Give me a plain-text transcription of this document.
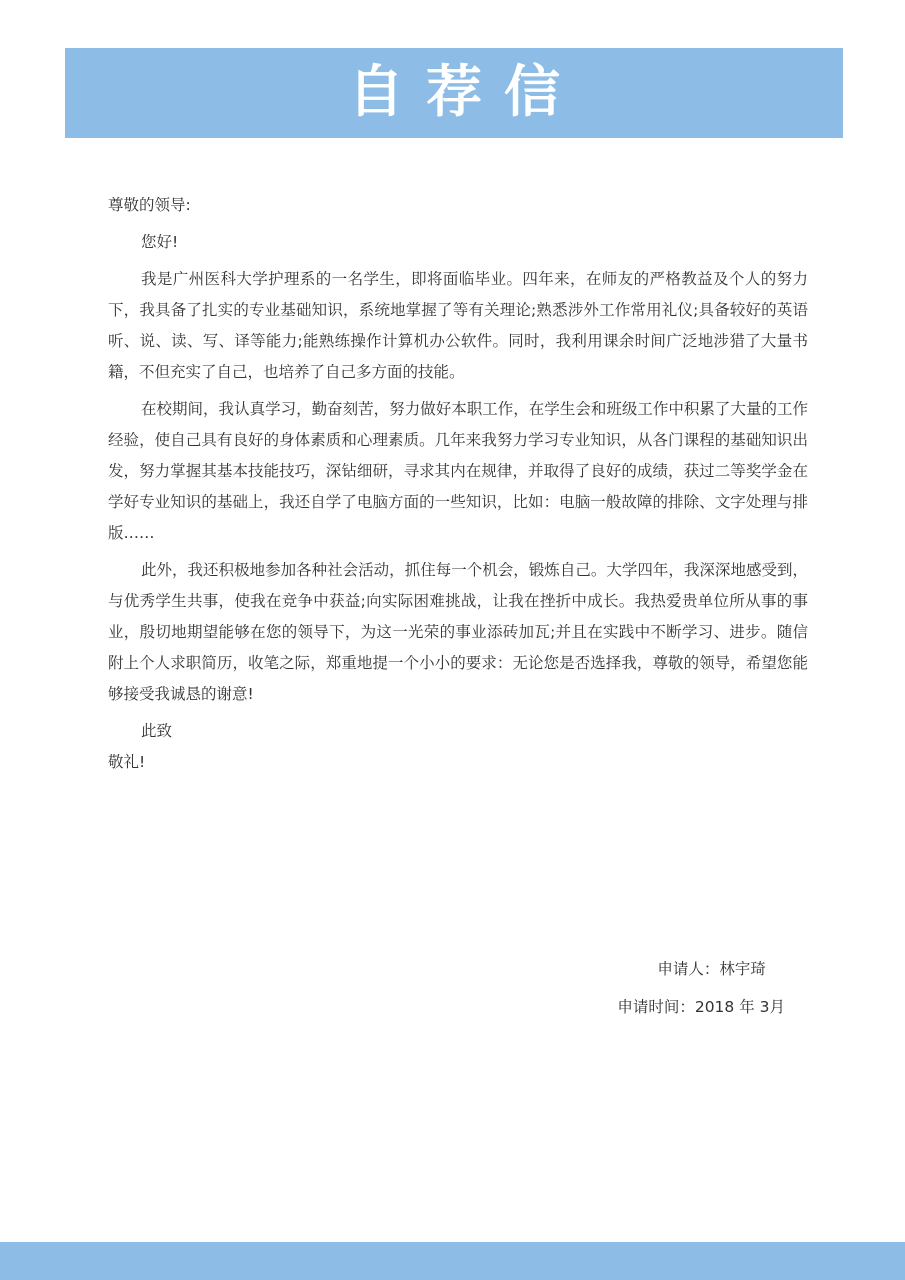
自荐信

尊敬的领导:

您好!

我是广州医科大学护理系的一名学生，即将面临毕业。四年来，在师友的严格教益及个人的努力下，我具备了扎实的专业基础知识，系统地掌握了等有关理论;熟悉涉外工作常用礼仪;具备较好的英语听、说、读、写、译等能力;能熟练操作计算机办公软件。同时，我利用课余时间广泛地涉猎了大量书籍，不但充实了自己，也培养了自己多方面的技能。

在校期间，我认真学习，勤奋刻苦，努力做好本职工作，在学生会和班级工作中积累了大量的工作经验，使自己具有良好的身体素质和心理素质。几年来我努力学习专业知识，从各门课程的基础知识出发，努力掌握其基本技能技巧，深钻细研，寻求其内在规律，并取得了良好的成绩，获过二等奖学金在学好专业知识的基础上，我还自学了电脑方面的一些知识，比如：电脑一般故障的排除、文字处理与排版……

此外，我还积极地参加各种社会活动，抓住每一个机会，锻炼自己。大学四年，我深深地感受到，与优秀学生共事，使我在竞争中获益;向实际困难挑战，让我在挫折中成长。我热爱贵单位所从事的事业，殷切地期望能够在您的领导下，为这一光荣的事业添砖加瓦;并且在实践中不断学习、进步。随信附上个人求职简历，收笔之际，郑重地提一个小小的要求：无论您是否选择我，尊敬的领导，希望您能够接受我诚恳的谢意!

此致

敬礼!

申请人：林宇琦
申请时间：2018 年 3月
